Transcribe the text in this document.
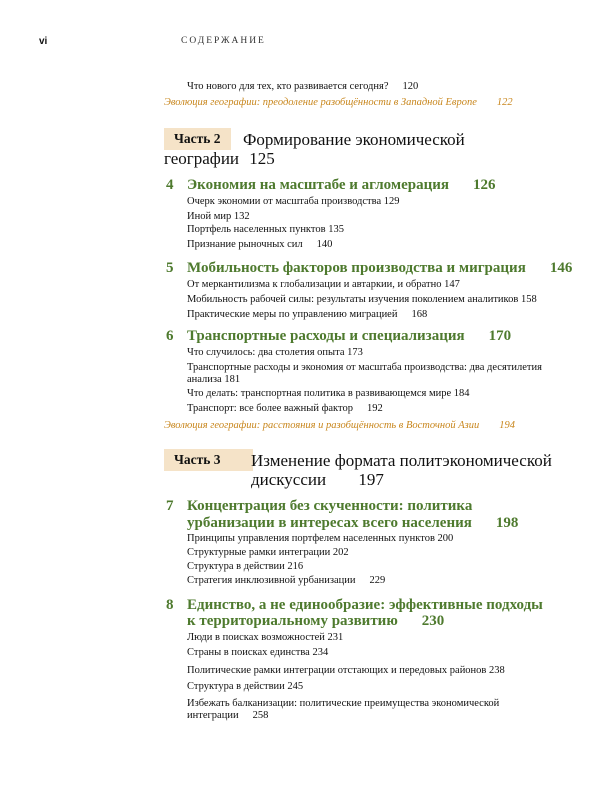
vi	СОДЕРЖАНИЕ
Что нового для тех, кто развивается сегодня? 120
Эволюция географии: преодоление разобщённости в Западной Европе 122
Часть 2	Формирование экономической
географии 125
4 Экономия на масштабе и агломерация 126
Очерк экономии от масштаба производства 129
Иной мир 132
Портфель населенных пунктов 135
Признание рыночных сил 140
5 Мобильность факторов производства и миграция 146
От меркантилизма к глобализации и автаркии, и обратно 147
Мобильность рабочей силы: результаты изучения поколением аналитиков 158
Практические меры по управлению миграцией 168
6 Транспортные расходы и специализация 170
Что случилось: два столетия опыта 173
Транспортные расходы и экономия от масштаба производства: два десятилетия
анализа 181
Что делать: транспортная политика в развивающемся мире 184
Транспорт: все более важный фактор 192
Эволюция географии: расстояния и разобщённость в Восточной Азии 194
Часть 3	Изменение формата политэкономической
дискуссии 197
7 Концентрация без скученности: политика
урбанизации в интересах всего населения 198
Принципы управления портфелем населенных пунктов 200
Структурные рамки интеграции 202
Структура в действии 216
Стратегия инклюзивной урбанизации 229
8 Единство, а не единообразие: эффективные подходы
к территориальному развитию 230
Люди в поисках возможностей 231
Страны в поисках единства 234
Политические рамки интеграции отстающих и передовых районов 238
Структура в действии 245
Избежать балканизации: политические преимущества экономической
интеграции 258
